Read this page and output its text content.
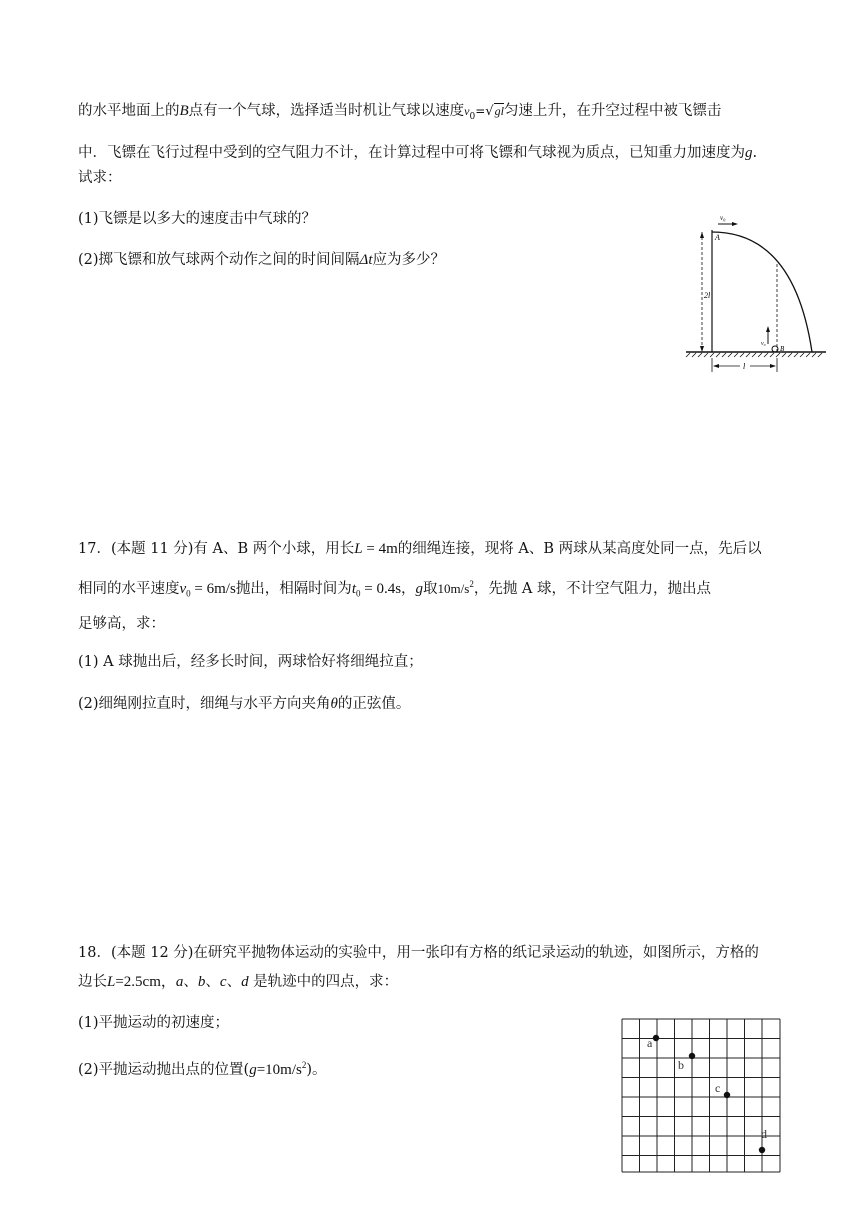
的水平地面上的B点有一个气球，选择适当时机让气球以速度$v_0=√gl$匀速上升，在升空过程中被飞镖击
中．飞镖在飞行过程中受到的空气阻力不计，在计算过程中可将飞镖和气球视为质点，已知重力加速度为g.
试求：
(1)飞镖是以多大的速度击中气球的？
(2)掷飞镖和放气球两个动作之间的时间间隔Δt应为多少？
v₀
A
2l
v₀
B
l
17．(本题 11 分)有 A、B 两个小球，用长L = 4m的细绳连接，现将 A、B 两球从某高度处同一点，先后以
相同的水平速度$v_0 = 6m/s$抛出，相隔时间为$t_0 = 0.4s$，g取$10m/s^2$，先抛 A 球，不计空气阻力，抛出点
足够高，求：
(1) A 球抛出后，经多长时间，两球恰好将细绳拉直；
(2)细绳刚拉直时，细绳与水平方向夹角θ的正弦值。
18．(本题 12 分)在研究平抛物体运动的实验中，用一张印有方格的纸记录运动的轨迹，如图所示，方格的
边长L=2.5cm，a、b、c、d 是轨迹中的四点，求：
(1)平抛运动的初速度；
(2)平抛运动抛出点的位置$(g=10m/s^2)$。
a
b
c
d
